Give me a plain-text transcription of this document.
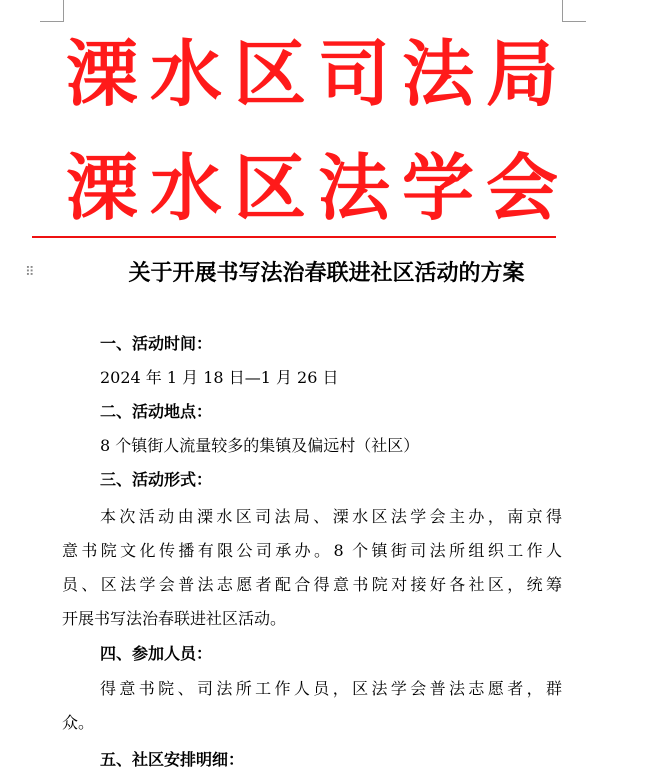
溧 水 区 司 法 局
溧 水 区 法 学 会
⠿	关于开展书写法治春联进社区活动的方案
一、活动时间：
2024 年 1 月 18 日—1 月 26 日
二、活动地点：
8 个镇街人流量较多的集镇及偏远村（社区）
三、活动形式：
本次活动由溧水区司法局、溧水区法学会主办，南京得
意书院文化传播有限公司承办。8 个镇街司法所组织工作人
员、区法学会普法志愿者配合得意书院对接好各社区，统筹
开展书写法治春联进社区活动。
四、参加人员：
得意书院、司法所工作人员，区法学会普法志愿者，群
众。
五、社区安排明细：
